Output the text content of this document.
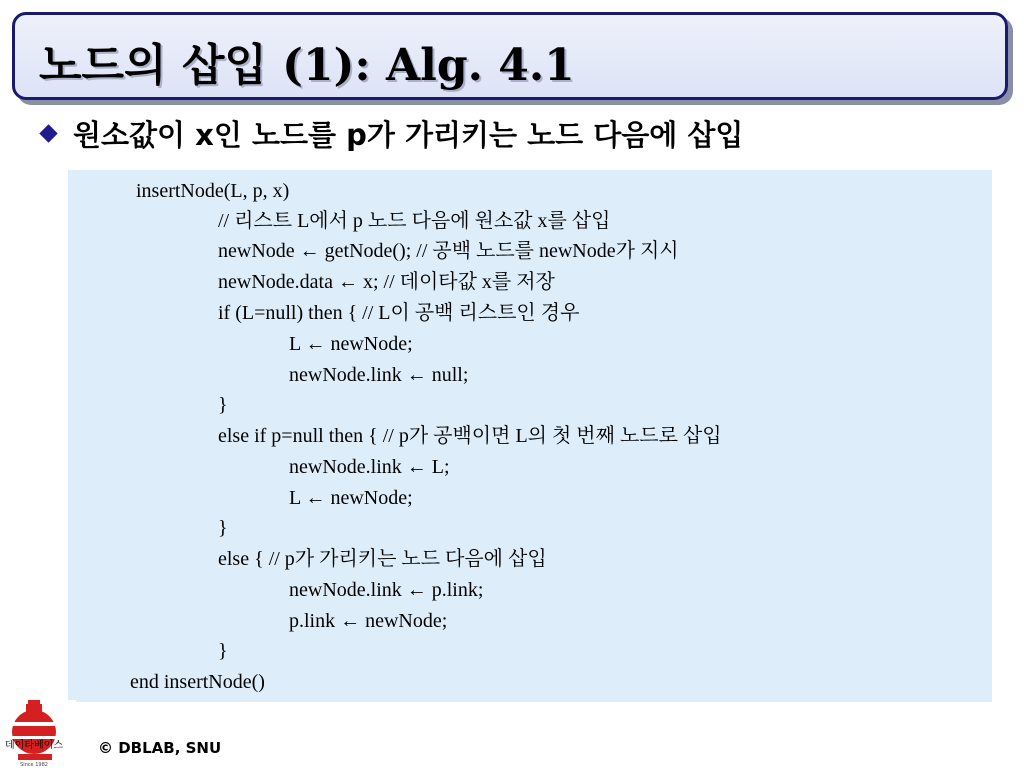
노드의 삽입 (1): Alg. 4.1
원소값이 x인 노드를 p가 가리키는 노드 다음에 삽입
insertNode(L, p, x)
// 리스트 L에서 p 노드 다음에 원소값 x를 삽입
newNode ← getNode(); // 공백 노드를 newNode가 지시
newNode.data ← x; // 데이타값 x를 저장
if (L=null) then { // L이 공백 리스트인 경우
L ← newNode;
newNode.link ← null;
}
else if p=null then { // p가 공백이면 L의 첫 번째 노드로 삽입
newNode.link ← L;
L ← newNode;
}
else { // p가 가리키는 노드 다음에 삽입
newNode.link ← p.link;
p.link ← newNode;
}
end insertNode()
데이타베이스
Since 1982
© DBLAB, SNU
